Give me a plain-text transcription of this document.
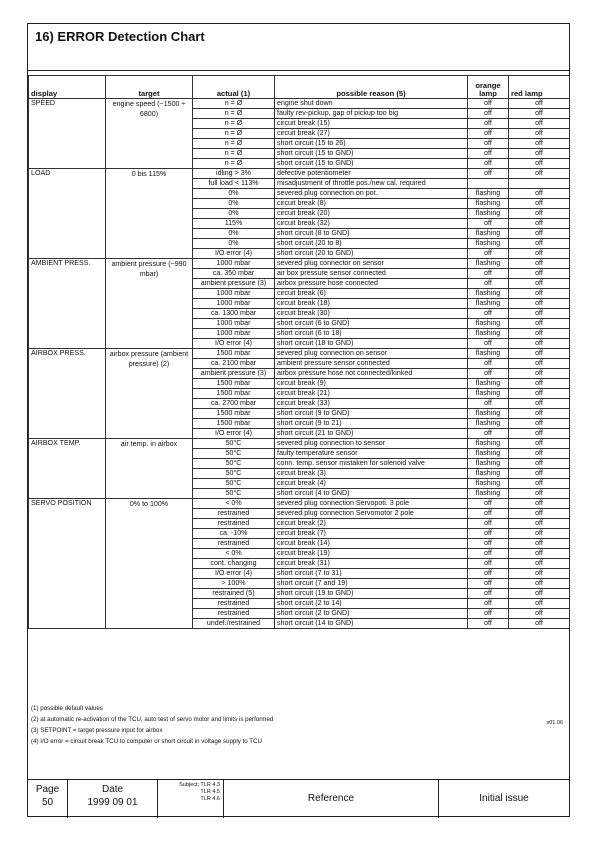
16) ERROR Detection Chart
display	target	actual (1)	possible reason (5)	orange lamp	red lamp
SPEED	engine speed (~1500 ÷ 6800)	n = Ø	engine shut down	off	off
		n = Ø	faulty rev-pickup, gap of pickup too big	off	off
		n = Ø	circuit break (15)	off	off
		n = Ø	circuit break (27)	off	off
		n = Ø	short circuit (15 to 26)	off	off
		n = Ø	short circuit (15 to GND)	off	off
		n = Ø	short circuit (15 to GND)	off	off
LOAD	0 bis 115%	idling > 3%	defective potentiometer	off	off
		full load < 113%	misadjustment of throttle pos./new cal. required		
		0%	severed plug connection on pot.	flashing	off
		0%	circuit break (8)	flashing	off
		0%	circuit break (20)	flashing	off
		115%	circuit break (32)	off	off
		0%	short circuit (8 to GND)	flashing	off
		0%	short circuit (20 to 8)	flashing	off
		I/O error (4)	short circuit (20 to GND)	off	off
AMBIENT PRESS.	ambient pressure (~990 mbar)	1000 mbar	severed plug connector on sensor	flashing	off
		ca. 350 mbar	air box pressure sensor connected	off	off
		ambient pressure (3)	airbox pressure hose connected	off	off
		1000 mbar	circuit break (6)	flashing	off
		1000 mbar	circuit break (18)	flashing	off
		ca. 1300 mbar	circuit break (30)	off	off
		1000 mbar	short circuit (6 to GND)	flashing	off
		1000 mbar	short circuit (6 to 18)	flashing	off
		I/O error (4)	short circuit (18 to GND)	off	off
AIRBOX PRESS.	airbox pressure (ambient pressure) (2)	1500 mbar	severed plug connection on sensor	flashing	off
		ca. 2100 mbar	ambient pressure sensor connected	off	off
		ambient pressure (3)	airbox pressure hose not connected/kinked	off	off
		1500 mbar	circuit break (9)	flashing	off
		1500 mbar	circuit break (21)	flashing	off
		ca. 2700 mbar	circuit break (33)	off	off
		1500 mbar	short circuit (9 to GND)	flashing	off
		1500 mbar	short circuit (9 to 21)	flashing	off
		I/O error (4)	short circuit (21 to GND)	off	off
AIRBOX TEMP.	air temp. in airbox	50°C	severed plug connection to sensor	flashing	off
		50°C	faulty temperature sensor	flashing	off
		50°C	conn. temp. sensor mistaken for solenoid valve	flashing	off
		50°C	circuit break (3)	flashing	off
		50°C	circuit break (4)	flashing	off
		50°C	short circuit (4 to GND)	flashing	off
SERVO POSITION	0% to 100%	< 0%	severed plug connection Servopoti. 3 pole	off	off
		restrained	severed plug connection Servomotor 2 pole	off	off
		restrained	circuit break (2)	off	off
		ca. -10%	circuit break (7)	off	off
		restrained	circuit break (14)	off	off
		< 0%	circuit break (19)	off	off
		cont. changing	circuit break (31)	off	off
		I/O error (4)	short circuit (7 to 31)	off	off
		> 100%	short circuit (7 and 19)	off	off
		restrained (5)	short circuit (19 to GND)	off	off
		restrained	short circuit (2 to 14)	off	off
		restrained	short circuit (2 to GND)	off	off
		undef./restrained	short circuit (14 to GND)	off	off
(1) possible default values
(2) at automatic re-activation of the TCU, auto test of servo motor and limits is performed
(3) SETPOINT = target pressure input for airbox
(4) I/O error = circuit break TCU to computer or short circuit in voltage supply to TCU
s01.06
Page
50
Date
1999 09 01
Subject: TLR 4.3
TLR 4.5
TLR 4.6	Reference	Initial issue
